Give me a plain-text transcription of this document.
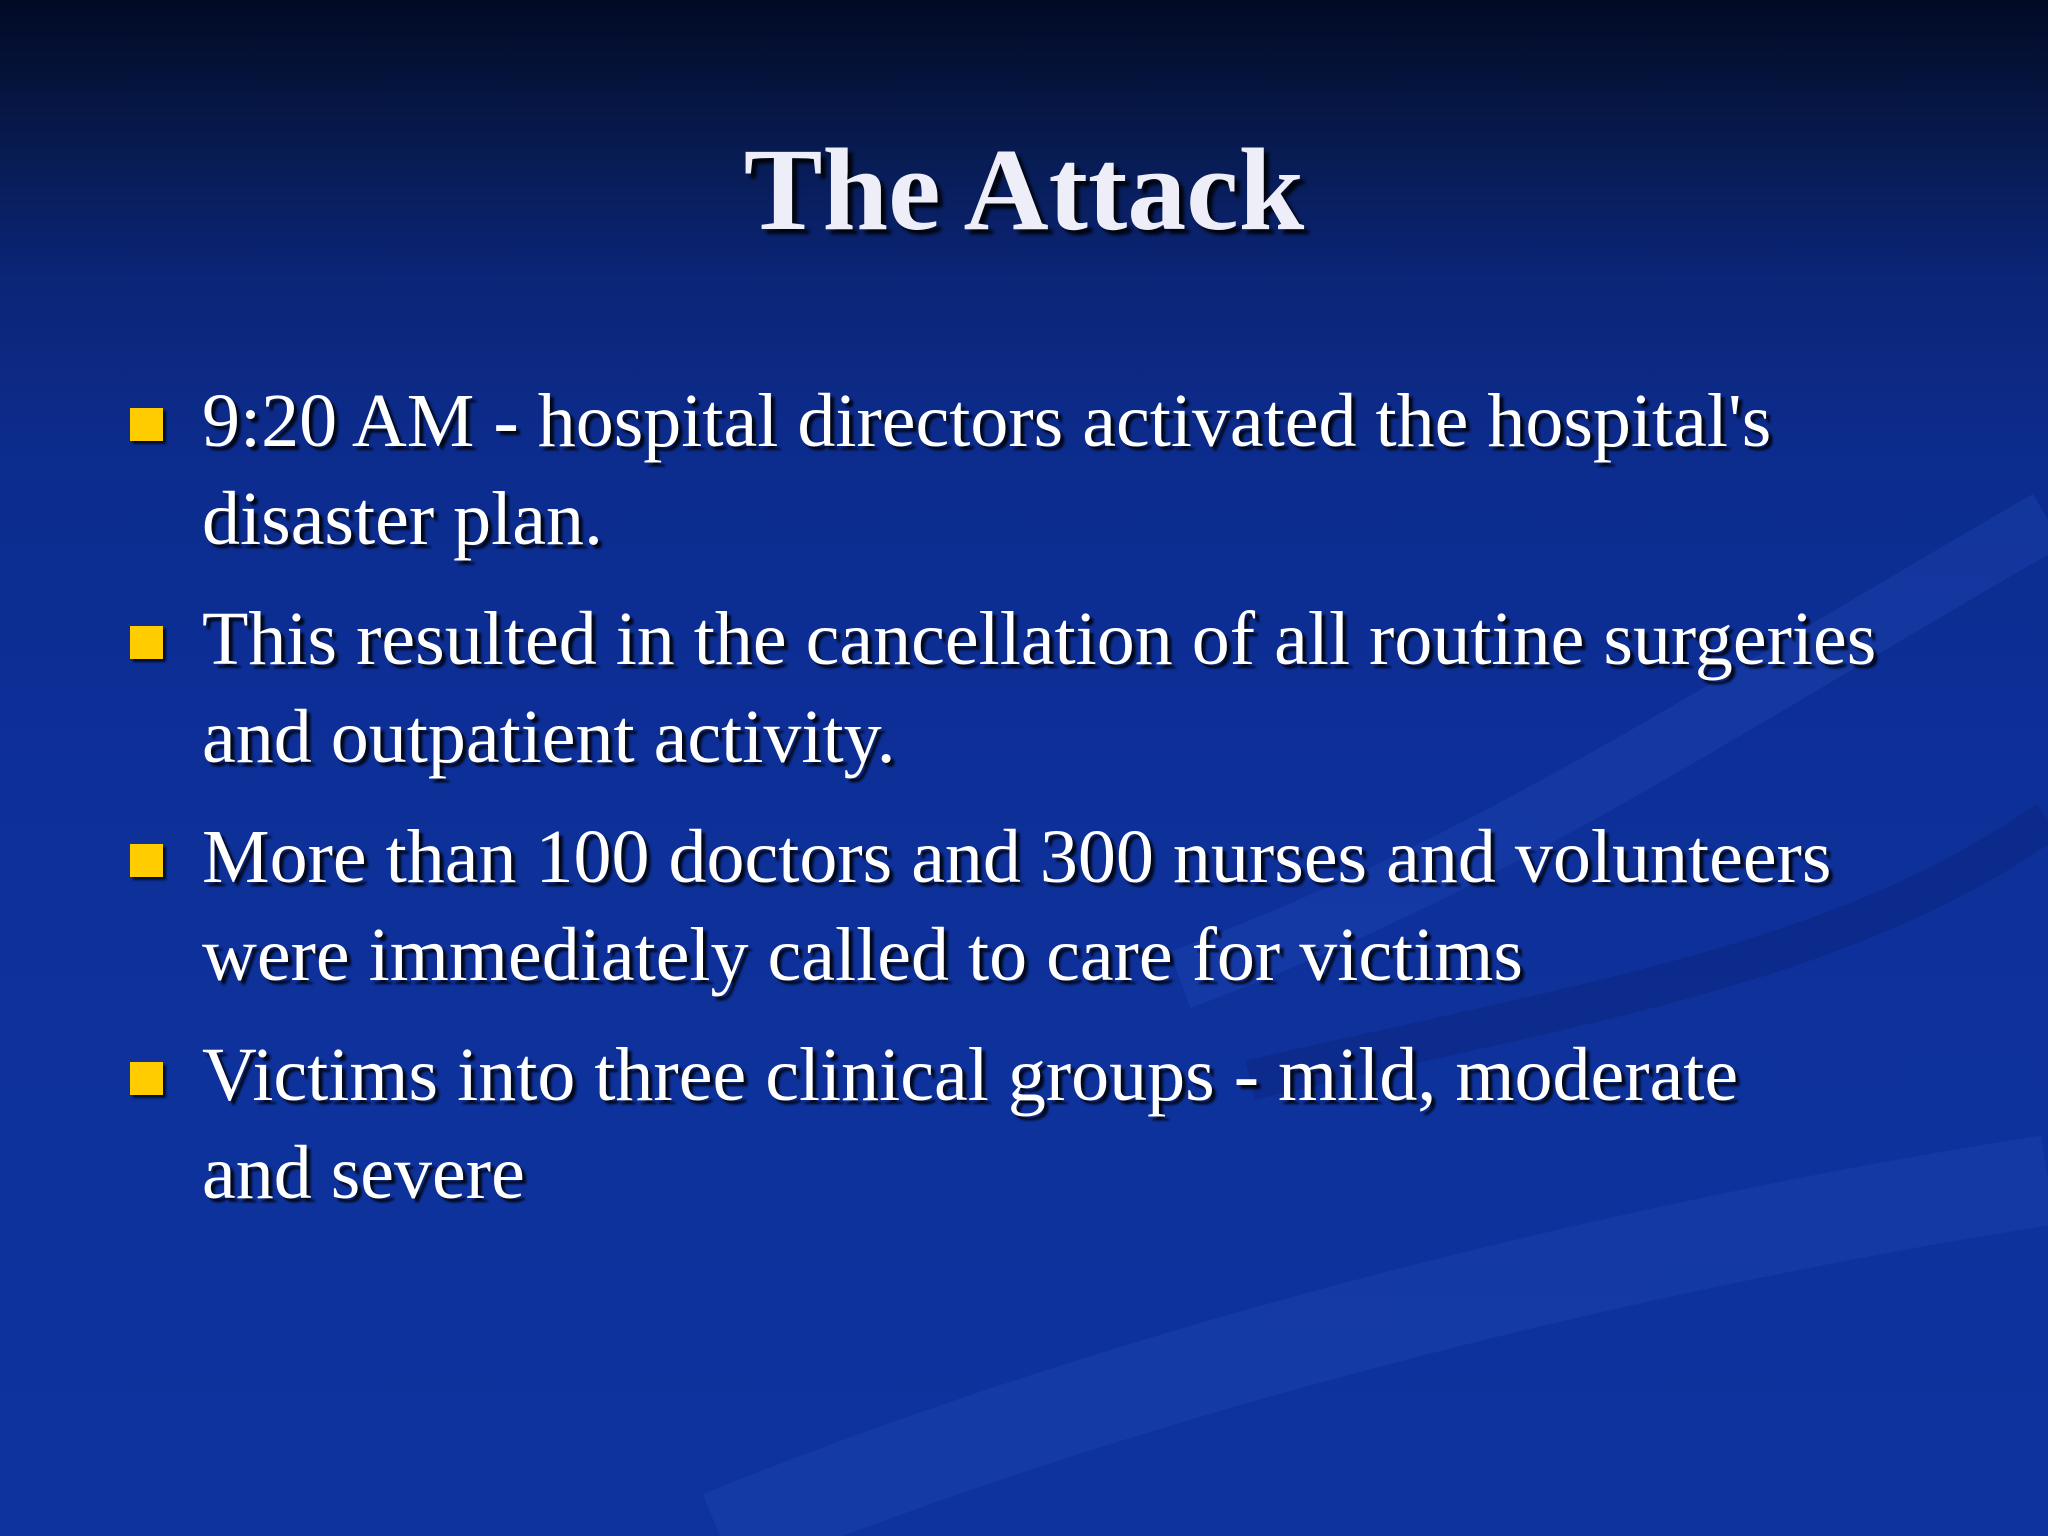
The Attack
9:20 AM - hospital directors activated the hospital's disaster plan.
This resulted in the cancellation of all routine surgeries and outpatient activity.
More than 100 doctors and 300 nurses and volunteers were immediately called to care for victims
Victims into three clinical groups - mild, moderate and severe
